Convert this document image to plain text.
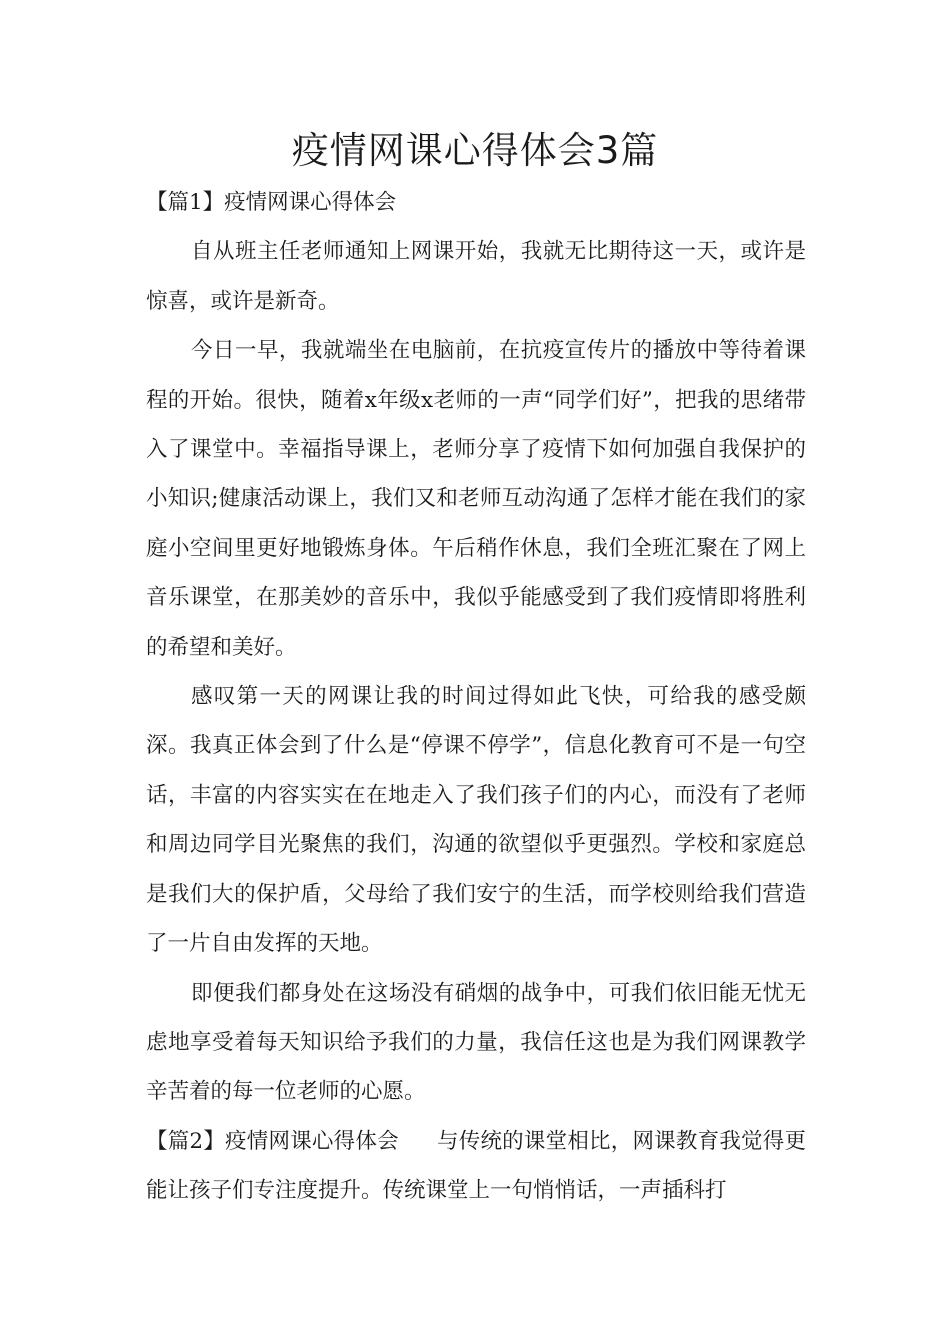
疫情网课心得体会3篇

【篇1】疫情网课心得体会

自从班主任老师通知上网课开始，我就无比期待这一天，或许是惊喜，或许是新奇。

今日一早，我就端坐在电脑前，在抗疫宣传片的播放中等待着课程的开始。很快，随着x年级x老师的一声“同学们好”，把我的思绪带入了课堂中。幸福指导课上，老师分享了疫情下如何加强自我保护的小知识;健康活动课上，我们又和老师互动沟通了怎样才能在我们的家庭小空间里更好地锻炼身体。午后稍作休息，我们全班汇聚在了网上音乐课堂，在那美妙的音乐中，我似乎能感受到了我们疫情即将胜利的希望和美好。

感叹第一天的网课让我的时间过得如此飞快，可给我的感受颇深。我真正体会到了什么是“停课不停学”，信息化教育可不是一句空话，丰富的内容实实在在地走入了我们孩子们的内心，而没有了老师和周边同学目光聚焦的我们，沟通的欲望似乎更强烈。学校和家庭总是我们大的保护盾，父母给了我们安宁的生活，而学校则给我们营造了一片自由发挥的天地。

即便我们都身处在这场没有硝烟的战争中，可我们依旧能无忧无虑地享受着每天知识给予我们的力量，我信任这也是为我们网课教学辛苦着的每一位老师的心愿。

【篇2】疫情网课心得体会 与传统的课堂相比，网课教育我觉得更能让孩子们专注度提升。传统课堂上一句悄悄话，一声插科打
